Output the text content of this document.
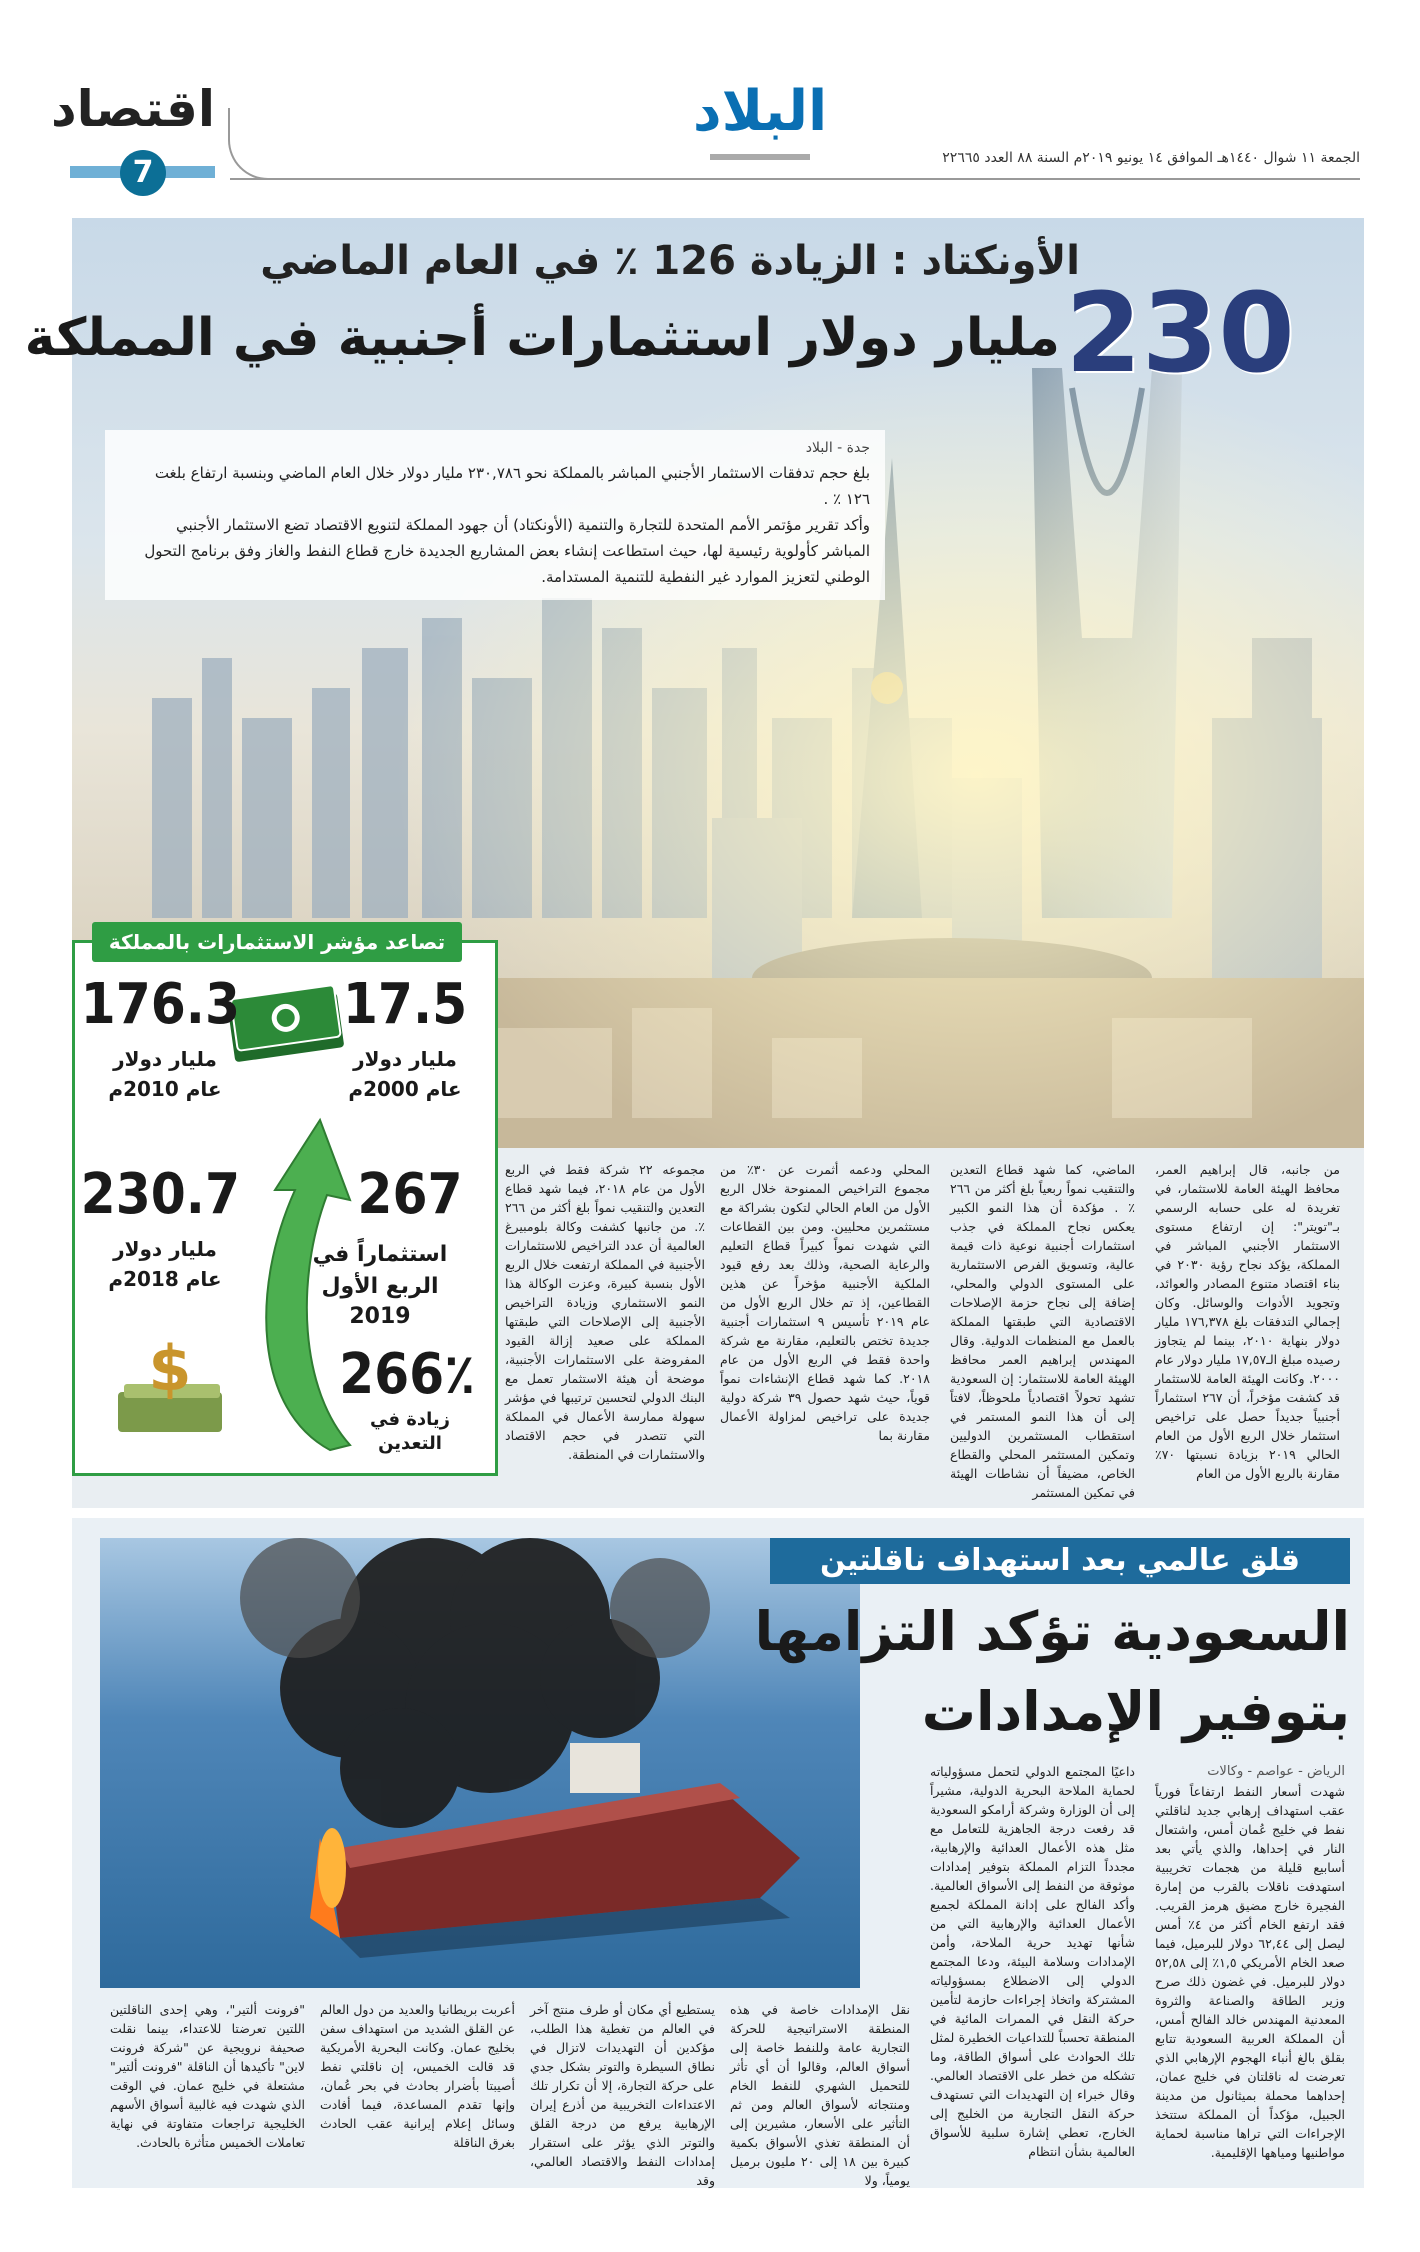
اقتصاد
7
البلاد
الجمعة ١١ شوال ١٤٤٠هـ الموافق ١٤ يونيو ٢٠١٩م السنة ٨٨ العدد ٢٢٦٦٥
الأونكتاد : الزيادة 126 ٪ في العام الماضي
230
مليار دولار استثمارات أجنبية في المملكة
جدة - البلاد
بلغ حجم تدفقات الاستثمار الأجنبي المباشر بالمملكة نحو ٢٣٠,٧٨٦ مليار دولار خلال العام الماضي وبنسبة ارتفاع بلغت ١٢٦ ٪ .
وأكد تقرير مؤتمر الأمم المتحدة للتجارة والتنمية (الأونكتاد) أن جهود المملكة لتنويع الاقتصاد تضع الاستثمار الأجنبي المباشر كأولوية رئيسية لها، حيث استطاعت إنشاء بعض المشاريع الجديدة خارج قطاع النفط والغاز وفق برنامج التحول الوطني لتعزيز الموارد غير النفطية للتنمية المستدامة.
تصاعد مؤشر الاستثمارات بالمملكة
17.5
مليار دولار
عام 2000م
176.3
مليار دولار
عام 2010م
230.7
مليار دولار
عام 2018م
267
استثماراً في
الربع الأول 2019
$	266٪
زيادة في التعدين
من جانبه، قال إبراهيم العمر، محافظ الهيئة العامة للاستثمار، في تغريدة له على حسابه الرسمي بـ"تويتر": إن ارتفاع مستوى الاستثمار الأجنبي المباشر في المملكة، يؤكد نجاح رؤية ٢٠٣٠ في بناء اقتصاد متنوع المصادر والعوائد، وتجويد الأدوات والوسائل. وكان إجمالي التدفقات بلغ ١٧٦,٣٧٨ مليار دولار بنهاية ٢٠١٠، بينما لم يتجاوز رصيده مبلغ الـ١٧,٥٧ مليار دولار عام ٢٠٠٠. وكانت الهيئة العامة للاستثمار قد كشفت مؤخراً، أن ٢٦٧ استثماراً أجنبياً جديداً حصل على تراخيص استثمار خلال الربع الأول من العام الحالي ٢٠١٩ بزيادة نسبتها ٧٠٪ مقارنة بالربع الأول من العام
الماضي، كما شهد قطاع التعدين والتنقيب نمواً ربعياً بلغ أكثر من ٢٦٦ ٪ . مؤكدة أن هذا النمو الكبير يعكس نجاح المملكة في جذب استثمارات أجنبية نوعية ذات قيمة عالية، وتسويق الفرص الاستثمارية على المستوى الدولي والمحلي، إضافة إلى نجاح حزمة الإصلاحات الاقتصادية التي طبقتها المملكة بالعمل مع المنظمات الدولية. وقال المهندس إبراهيم العمر محافظ الهيئة العامة للاستثمار: إن السعودية تشهد تحولاً اقتصادياً ملحوظاً، لافتاً إلى أن هذا النمو المستمر في استقطاب المستثمرين الدوليين وتمكين المستثمر المحلي والقطاع الخاص، مضيفاً أن نشاطات الهيئة في تمكين المستثمر
المحلي ودعمه أثمرت عن ٣٠٪ من مجموع التراخيص الممنوحة خلال الربع الأول من العام الحالي لتكون بشراكة مع مستثمرين محليين. ومن بين القطاعات التي شهدت نمواً كبيراً قطاع التعليم والرعاية الصحية، وذلك بعد رفع قيود الملكية الأجنبية مؤخراً عن هذين القطاعين، إذ تم خلال الربع الأول من عام ٢٠١٩ تأسيس ٩ استثمارات أجنبية جديدة تختص بالتعليم، مقارنة مع شركة واحدة فقط في الربع الأول من عام ٢٠١٨. كما شهد قطاع الإنشاءات نمواً قوياً، حيث شهد حصول ٣٩ شركة دولية جديدة على تراخيص لمزاولة الأعمال مقارنة بما
مجموعه ٢٢ شركة فقط في الربع الأول من عام ٢٠١٨، فيما شهد قطاع التعدين والتنقيب نمواً بلغ أكثر من ٢٦٦ ٪. من جانبها كشفت وكالة بلومبيرغ العالمية أن عدد التراخيص للاستثمارات الأجنبية في المملكة ارتفعت خلال الربع الأول بنسبة كبيرة، وعزت الوكالة هذا النمو الاستثماري وزيادة التراخيص الأجنبية إلى الإصلاحات التي طبقتها المملكة على صعيد إزالة القيود المفروضة على الاستثمارات الأجنبية، موضحة أن هيئة الاستثمار تعمل مع البنك الدولي لتحسين ترتيبها في مؤشر سهولة ممارسة الأعمال في المملكة التي تتصدر في حجم الاقتصاد والاستثمارات في المنطقة.
قلق عالمي بعد استهداف ناقلتين
السعودية تؤكد التزامها
بتوفير الإمدادات
الرياض - عواصم - وكالات
شهدت أسعار النفط ارتفاعاً فورياً عقب استهداف إرهابي جديد لناقلتي نفط في خليج عُمان أمس، واشتعال النار في إحداها، والذي يأتي بعد أسابيع قليلة من هجمات تخريبية استهدفت ناقلات بالقرب من إمارة الفجيرة خارج مضيق هرمز القريب. فقد ارتفع الخام أكثر من ٤٪ أمس ليصل إلى ٦٢,٤٤ دولار للبرميل، فيما صعد الخام الأمريكي ١,٥٪ إلى ٥٢,٥٨ دولار للبرميل. في غضون ذلك صرح وزير الطاقة والصناعة والثروة المعدنية المهندس خالد الفالح أمس، أن المملكة العربية السعودية تتابع بقلق بالغ أنباء الهجوم الإرهابي الذي تعرضت له ناقلتان في خليج عمان، إحداهما محملة بميثانول من مدينة الجبيل، مؤكداً أن المملكة ستتخذ الإجراءات التي تراها مناسبة لحماية مواطنيها ومياهها الإقليمية.
داعيًا المجتمع الدولي لتحمل مسؤولياته لحماية الملاحة البحرية الدولية، مشيراً إلى أن الوزارة وشركة أرامكو السعودية قد رفعت درجة الجاهزية للتعامل مع مثل هذه الأعمال العدائية والإرهابية، مجدداً التزام المملكة بتوفير إمدادات موثوقة من النفط إلى الأسواق العالمية. وأكد الفالح على إدانة المملكة لجميع الأعمال العدائية والإرهابية التي من شأنها تهديد حرية الملاحة، وأمن الإمدادات وسلامة البيئة، ودعا المجتمع الدولي إلى الاضطلاع بمسؤولياته المشتركة واتخاذ إجراءات حازمة لتأمين حركة النقل في الممرات المائية في المنطقة تحسباً للتداعيات الخطيرة لمثل تلك الحوادث على أسواق الطاقة، وما تشكله من خطر على الاقتصاد العالمي. وقال خبراء إن التهديدات التي تستهدف حركة النقل التجارية من الخليج إلى الخارج، تعطي إشارة سلبية للأسواق العالمية بشأن انتظام
نقل الإمدادات خاصة في هذه المنطقة الاستراتيجية للحركة التجارية عامة وللنفط خاصة إلى أسواق العالم، وقالوا أن أي تأثر للتحميل الشهري للنفط الخام ومنتجاته لأسواق العالم ومن ثم التأثير على الأسعار، مشيرين إلى أن المنطقة تغذي الأسواق بكمية كبيرة بين ١٨ إلى ٢٠ مليون برميل يومياً، ولا
يستطيع أي مكان أو طرف منتج آخر في العالم من تغطية هذا الطلب، مؤكدين أن التهديدات لاتزال في نطاق السيطرة والتوتر بشكل جدي على حركة التجارة، إلا أن تكرار تلك الاعتداءات التخريبية من أذرع إيران الإرهابية يرفع من درجة القلق والتوتر الذي يؤثر على استقرار إمدادات النفط والاقتصاد العالمي، وقد
أعربت بريطانيا والعديد من دول العالم عن القلق الشديد من استهداف سفن بخليج عمان. وكانت البحرية الأمريكية قد قالت الخميس، إن ناقلتي نفط أصيبتا بأضرار بحادث في بحر عُمان، وإنها تقدم المساعدة، فيما أفادت وسائل إعلام إيرانية عقب الحادث بغرق الناقلة
"فرونت ألتير"، وهي إحدى الناقلتين اللتين تعرضتا للاعتداء، بينما نقلت صحيفة نرويجية عن "شركة فرونت لاين" تأكيدها أن الناقلة "فرونت ألتير" مشتعلة في خليج عمان. في الوقت الذي شهدت فيه غالبية أسواق الأسهم الخليجية تراجعات متفاوتة في نهاية تعاملات الخميس متأثرة بالحادث.
